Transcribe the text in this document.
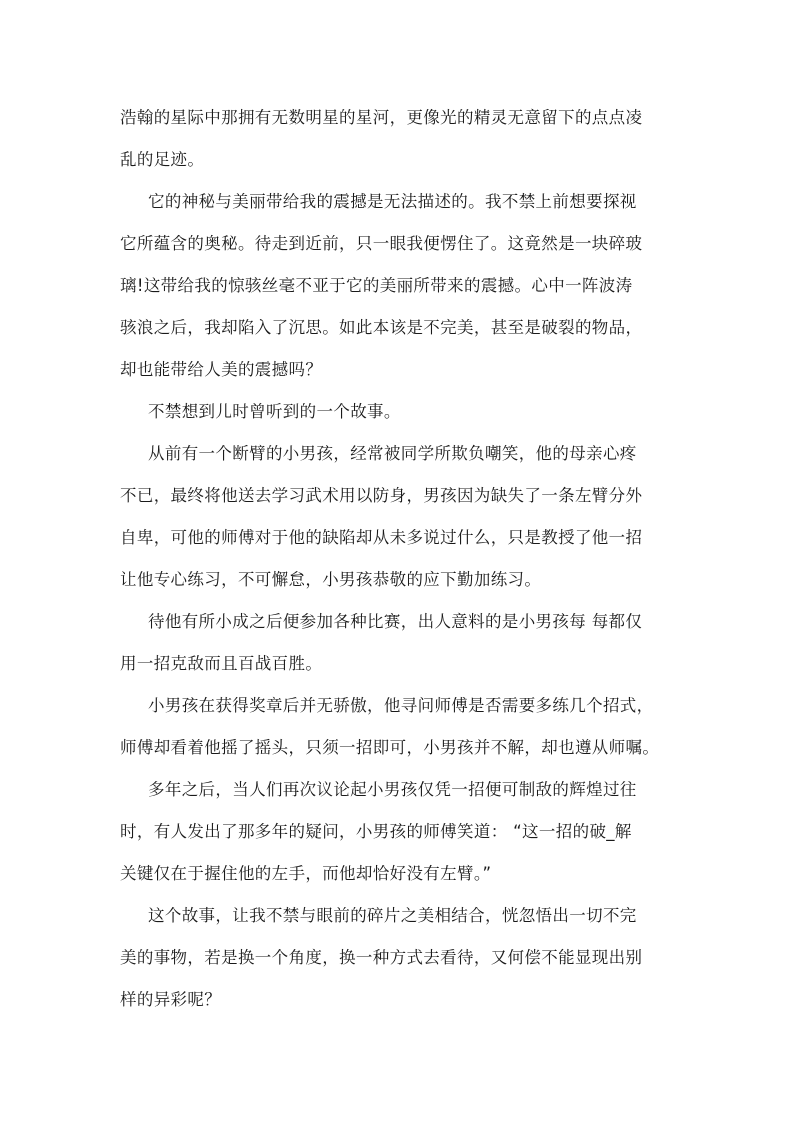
浩翰的星际中那拥有无数明星的星河，更像光的精灵无意留下的点点凌
乱的足迹。
它的神秘与美丽带给我的震撼是无法描述的。我不禁上前想要探视
它所蕴含的奥秘。待走到近前，只一眼我便愣住了。这竟然是一块碎玻
璃!这带给我的惊骇丝毫不亚于它的美丽所带来的震撼。心中一阵波涛
骇浪之后，我却陷入了沉思。如此本该是不完美，甚至是破裂的物品，
却也能带给人美的震撼吗？
不禁想到儿时曾听到的一个故事。
从前有一个断臂的小男孩，经常被同学所欺负嘲笑，他的母亲心疼
不已，最终将他送去学习武术用以防身，男孩因为缺失了一条左臂分外
自卑，可他的师傅对于他的缺陷却从未多说过什么，只是教授了他一招
让他专心练习，不可懈怠，小男孩恭敬的应下勤加练习。
待他有所小成之后便参加各种比赛，出人意料的是小男孩每 每都仅
用一招克敌而且百战百胜。
小男孩在获得奖章后并无骄傲，他寻问师傅是否需要多练几个招式，
师傅却看着他摇了摇头，只须一招即可，小男孩并不解，却也遵从师嘱。
多年之后，当人们再次议论起小男孩仅凭一招便可制敌的辉煌过往
时，有人发出了那多年的疑问，小男孩的师傅笑道： “这一招的破_解
关键仅在于握住他的左手，而他却恰好没有左臂。”
这个故事，让我不禁与眼前的碎片之美相结合，恍忽悟出一切不完
美的事物，若是换一个角度，换一种方式去看待，又何偿不能显现出别
样的异彩呢？
